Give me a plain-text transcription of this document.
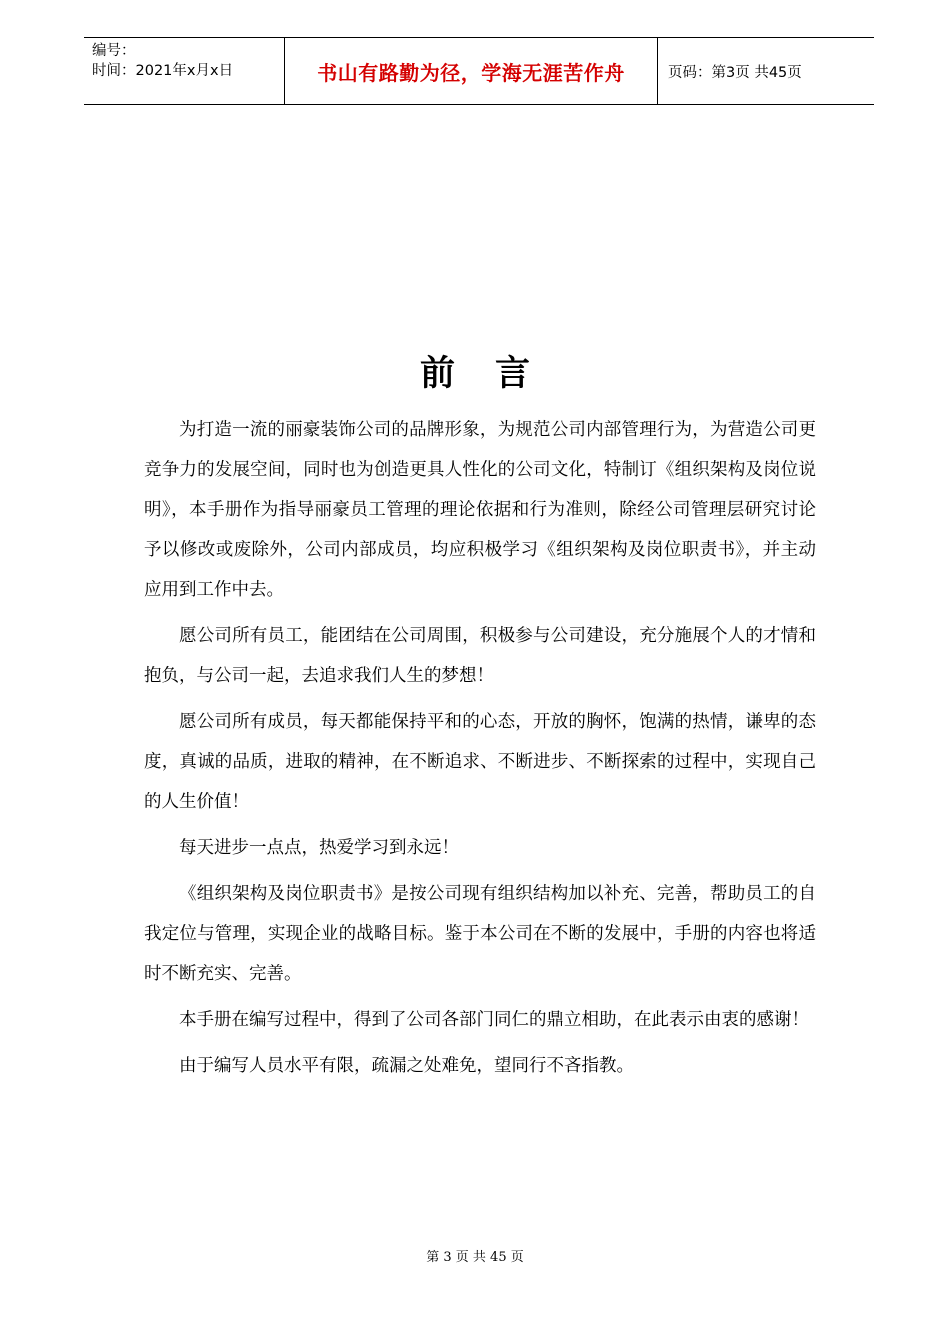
编号：
时间：2021年x月x日	书山有路勤为径，学海无涯苦作舟	页码：第3页 共45页
前言

为打造一流的丽豪装饰公司的品牌形象，为规范公司内部管理行为，为营造公司更竞争力的发展空间，同时也为创造更具人性化的公司文化，特制订《组织架构及岗位说明》，本手册作为指导丽豪员工管理的理论依据和行为准则，除经公司管理层研究讨论予以修改或废除外，公司内部成员，均应积极学习《组织架构及岗位职责书》，并主动应用到工作中去。

愿公司所有员工，能团结在公司周围，积极参与公司建设，充分施展个人的才情和抱负，与公司一起，去追求我们人生的梦想！

愿公司所有成员，每天都能保持平和的心态，开放的胸怀，饱满的热情，谦卑的态度，真诚的品质，进取的精神，在不断追求、不断进步、不断探索的过程中，实现自己的人生价值！

每天进步一点点，热爱学习到永远！

《组织架构及岗位职责书》是按公司现有组织结构加以补充、完善，帮助员工的自我定位与管理，实现企业的战略目标。鉴于本公司在不断的发展中，手册的内容也将适时不断充实、完善。

本手册在编写过程中，得到了公司各部门同仁的鼎立相助，在此表示由衷的感谢！

由于编写人员水平有限，疏漏之处难免，望同行不吝指教。

第 3 页 共 45 页
